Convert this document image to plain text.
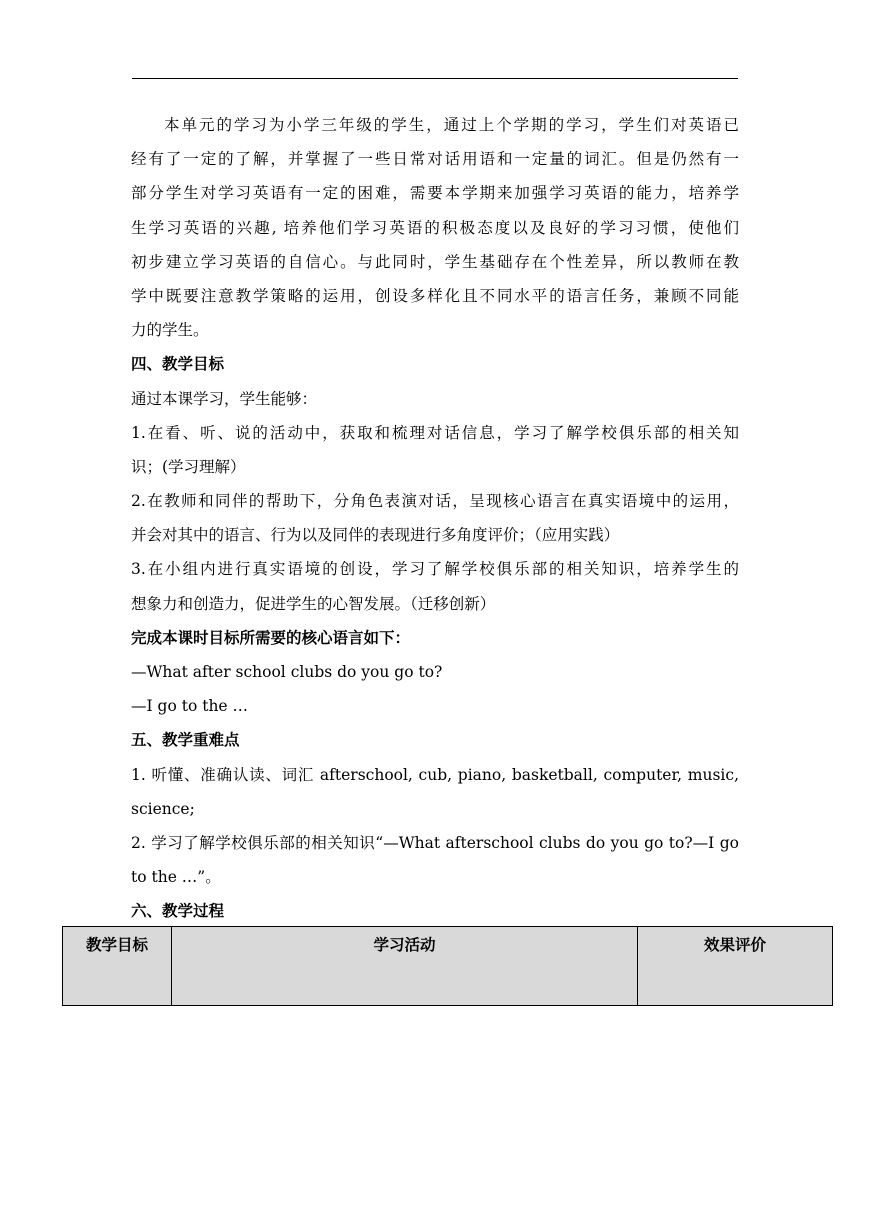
本单元的学习为小学三年级的学生，通过上个学期的学习，学生们对英语已
经有了一定的了解，并掌握了一些日常对话用语和一定量的词汇。但是仍然有一
部分学生对学习英语有一定的困难，需要本学期来加强学习英语的能力，培养学
生学习英语的兴趣, 培养他们学习英语的积极态度以及良好的学习习惯，使他们
初步建立学习英语的自信心。与此同时，学生基础存在个性差异，所以教师在教
学中既要注意教学策略的运用，创设多样化且不同水平的语言任务，兼顾不同能
力的学生。
四、教学目标
通过本课学习，学生能够：
1.在看、听、说的活动中，获取和梳理对话信息，学习了解学校俱乐部的相关知
识；(学习理解）
2.在教师和同伴的帮助下，分角色表演对话，呈现核心语言在真实语境中的运用，
并会对其中的语言、行为以及同伴的表现进行多角度评价；（应用实践）
3.在小组内进行真实语境的创设，学习了解学校俱乐部的相关知识，培养学生的
想象力和创造力，促进学生的心智发展。（迁移创新）
完成本课时目标所需要的核心语言如下：
—What after school clubs do you go to?
—I go to the …
五、教学重难点
1. 听懂、准确认读、词汇 afterschool, cub, piano, basketball, computer, music,
science;
2. 学习了解学校俱乐部的相关知识“—What afterschool clubs do you go to?—I go
to the …”。
六、教学过程
教学目标	学习活动	效果评价
